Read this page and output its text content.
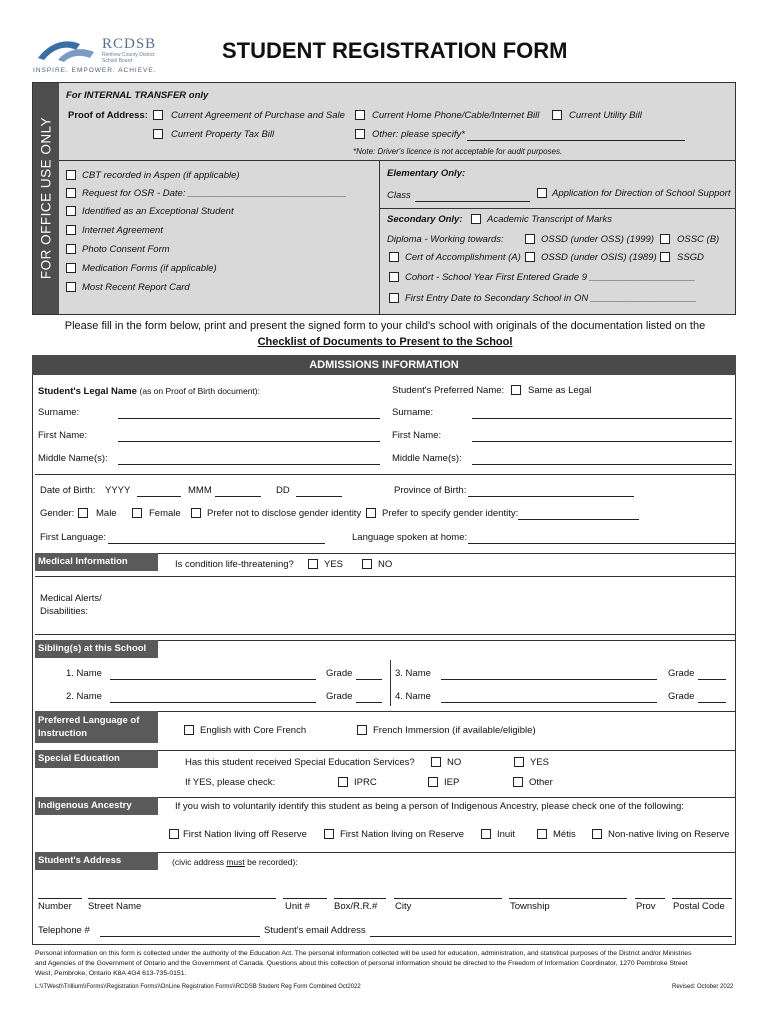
RCDSB
Renfrew County District School Board
INSPIRE. EMPOWER. ACHIEVE.
STUDENT REGISTRATION FORM
FOR OFFICE USE ONLY
For INTERNAL TRANSFER only
Proof of Address: Current Agreement of Purchase and Sale	Current Home Phone/Cable/Internet Bill	Current Utility Bill
Current Property Tax Bill	Other: please specify*
*Note: Driver's licence is not acceptable for audit purposes.
CBT recorded in Aspen (if applicable)
Request for OSR - Date: ______________________________
Identified as an Exceptional Student
Internet Agreement
Photo Consent Form
Medication Forms (if applicable)
Most Recent Report Card
Elementary Only:
Class	Application for Direction of School Support
Secondary Only:	Academic Transcript of Marks
Diploma - Working towards:	OSSD (under OSS) (1999) OSSC (B)
Cert of Accomplishment (A) OSSD (under OSIS) (1989) SSGD
Cohort - School Year First Entered Grade 9 ____________________
First Entry Date to Secondary School in ON ____________________
Please fill in the form below, print and present the signed form to your child's school with originals of the documentation listed on the
Checklist of Documents to Present to the School
ADMISSIONS INFORMATION
Student's Legal Name (as on Proof of Birth document):	Student's Preferred Name:	Same as Legal
Surname:	Surname:
First Name:	First Name:
Middle Name(s):	Middle Name(s):
Date of Birth: YYYY	MMM	DD	Province of Birth:
Gender: Male	Female	Prefer not to disclose gender identity Prefer to specify gender identity:
First Language:	Language spoken at home:
Medical Information	Is condition life-threatening?	YES	NO
Medical Alerts/
Disabilities:
Sibling(s) at this School
1. Name	Grade	3. Name	Grade
2. Name	Grade	4. Name	Grade
Preferred Language of
Instruction	English with Core French	French Immersion (if available/eligible)
Special Education	Has this student received Special Education Services?	NO	YES
If YES, please check:	IPRC	IEP	Other
Indigenous Ancestry	If you wish to voluntarily identify this student as being a person of Indigenous Ancestry, please check one of the following:
First Nation living off Reserve	First Nation living on Reserve	Inuit	Métis	Non-native living on Reserve
Student's Address	(civic address must be recorded):
Number Street Name	Unit #	Box/R.R.# City	Township	Prov Postal Code
Telephone #	Student's email Address
Personal information on this form is collected under the authority of the Education Act. The personal information collected will be used for education, administration, and statistical purposes of the District and/or Ministries
and Agencies of the Government of Ontario and the Government of Canada. Questions about this collection of personal information should be directed to the Freedom of Information Coordinator, 1270 Pembroke Street
West, Pembroke, Ontario K8A 4G4 613-735-0151.
L:\\TWest\\Trillium\\Forms\\Registration Forms\\OnLine Registration Forms\\RCDSB Student Reg Form Combined Oct2022	Revised: October 2022
